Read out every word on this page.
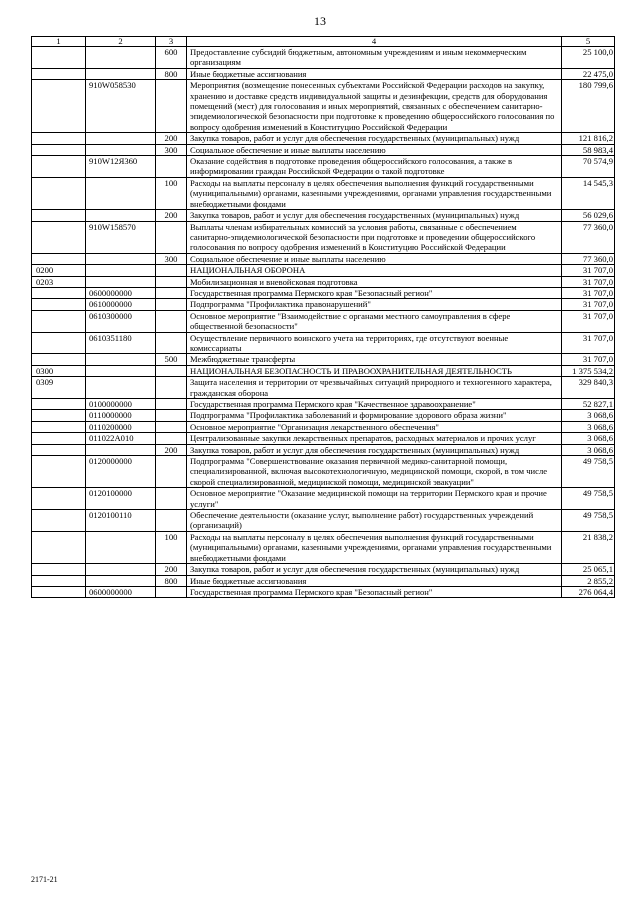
13
1	2	3	4	5
		600	Предоставление субсидий бюджетным, автономным учреждениям и иным некоммерческим организациям	25 100,0
		800	Иные бюджетные ассигнования	22 475,0
	910W058530		Мероприятия (возмещение понесенных субъектами Российской Федерации расходов на закупку, хранению и доставке средств индивидуальной защиты и дезинфекции, средств для оборудования помещений (мест) для голосования и иных мероприятий, связанных с обеспечением санитарно-эпидемиологической безопасности при подготовке к проведению общероссийского голосования по вопросу одобрения изменений в Конституцию Российской Федерации	180 799,6
		200	Закупка товаров, работ и услуг для обеспечения государственных (муниципальных) нужд	121 816,2
		300	Социальное обеспечение и иные выплаты населению	58 983,4
	910W12Я360		Оказание содействия в подготовке проведения общероссийского голосования, а также в информировании граждан Российской Федерации о такой подготовке	70 574,9
		100	Расходы на выплаты персоналу в целях обеспечения выполнения функций государственными (муниципальными) органами, казенными учреждениями, органами управления государственными внебюджетными фондами	14 545,3
		200	Закупка товаров, работ и услуг для обеспечения государственных (муниципальных) нужд	56 029,6
	910W158570		Выплаты членам избирательных комиссий за условия работы, связанные с обеспечением санитарно-эпидемиологической безопасности при подготовке и проведении общероссийского голосования по вопросу одобрения изменений в Конституцию Российской Федерации	77 360,0
		300	Социальное обеспечение и иные выплаты населению	77 360,0
0200			НАЦИОНАЛЬНАЯ ОБОРОНА	31 707,0
0203			Мобилизационная и вневойсковая подготовка	31 707,0
	0600000000		Государственная программа Пермского края "Безопасный регион"	31 707,0
	0610000000		Подпрограмма "Профилактика правонарушений"	31 707,0
	0610300000		Основное мероприятие "Взаимодействие с органами местного самоуправления в сфере общественной безопасности"	31 707,0
	0610351180		Осуществление первичного воинского учета на территориях, где отсутствуют военные комиссариаты	31 707,0
		500	Межбюджетные трансферты	31 707,0
0300			НАЦИОНАЛЬНАЯ БЕЗОПАСНОСТЬ И ПРАВООХРАНИТЕЛЬНАЯ ДЕЯТЕЛЬНОСТЬ	1 375 534,2
0309			Защита населения и территории от чрезвычайных ситуаций природного и техногенного характера, гражданская оборона	329 840,3
	0100000000		Государственная программа Пермского края "Качественное здравоохранение"	52 827,1
	0110000000		Подпрограмма "Профилактика заболеваний и формирование здорового образа жизни"	3 068,6
	0110200000		Основное мероприятие "Организация лекарственного обеспечения"	3 068,6
	011022A010		Централизованные закупки лекарственных препаратов, расходных материалов и прочих услуг	3 068,6
		200	Закупка товаров, работ и услуг для обеспечения государственных (муниципальных) нужд	3 068,6
	0120000000		Подпрограмма "Совершенствование оказания первичной медико-санитарной помощи, специализированной, включая высокотехнологичную, медицинской помощи, скорой, в том числе скорой специализированной, медицинской помощи, медицинской эвакуации"	49 758,5
	0120100000		Основное мероприятие "Оказание медицинской помощи на территории Пермского края и прочие услуги"	49 758,5
	0120100110		Обеспечение деятельности (оказание услуг, выполнение работ) государственных учреждений (организаций)	49 758,5
		100	Расходы на выплаты персоналу в целях обеспечения выполнения функций государственными (муниципальными) органами, казенными учреждениями, органами управления государственными внебюджетными фондами	21 838,2
		200	Закупка товаров, работ и услуг для обеспечения государственных (муниципальных) нужд	25 065,1
		800	Иные бюджетные ассигнования	2 855,2
	0600000000		Государственная программа Пермского края "Безопасный регион"	276 064,4
2171-21
